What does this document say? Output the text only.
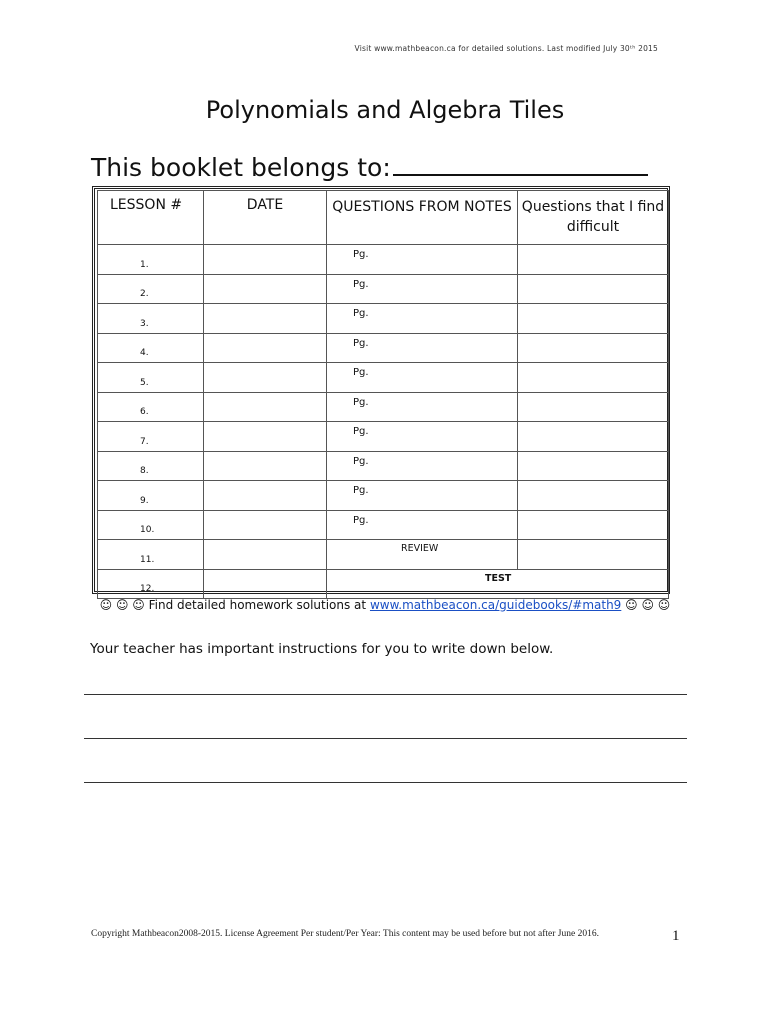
Visit www.mathbeacon.ca for detailed solutions. Last modified July 30ᵗʰ 2015
Polynomials and Algebra Tiles
This booklet belongs to:
LESSON #	DATE	QUESTIONS FROM NOTES	Questions that I find difficult

1.		Pg.	

2.		Pg.	

3.		Pg.	

4.		Pg.	

5.		Pg.	

6.		Pg.	

7.		Pg.	

8.		Pg.	

9.		Pg.	

10.		Pg.	

11.		REVIEW	

12.		TEST	
☺ ☺ ☺ Find detailed homework solutions at www.mathbeacon.ca/guidebooks/#math9 ☺ ☺ ☺
Your teacher has important instructions for you to write down below.
Copyright Mathbeacon2008-2015. License Agreement Per student/Per Year: This content may be used before but not after June 2016.	1
